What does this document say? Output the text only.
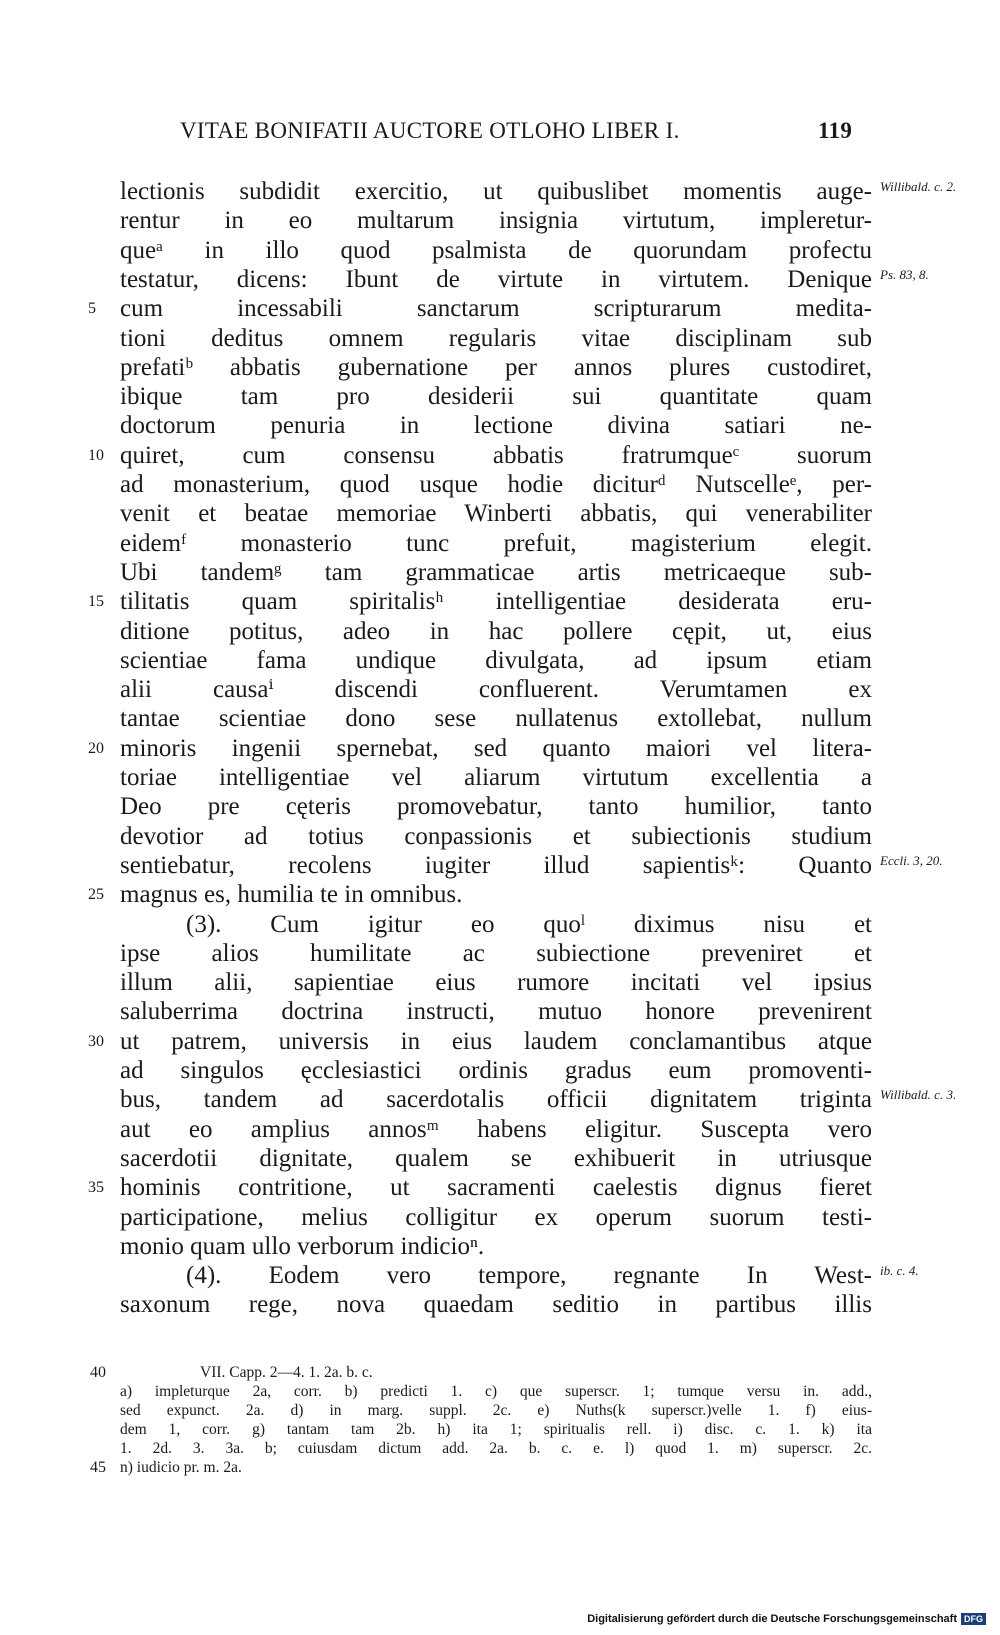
VITAE BONIFATII AUCTORE OTLOHO LIBER I.	119
lectionis subdidit exercitio, ut quibuslibet momentis auge-
rentur in eo multarum insignia virtutum, impleretur-
queᵃ in illo quod psalmista de quorundam profectu
testatur, dicens: Ibunt de virtute in virtutem. Denique
cum incessabili sanctarum scripturarum medita-
5
tioni deditus omnem regularis vitae disciplinam sub
prefatiᵇ abbatis gubernatione per annos plures custodiret,
ibique tam pro desiderii sui quantitate quam
doctorum penuria in lectione divina satiari ne-
quiret, cum consensu abbatis fratrumqueᶜ suorum
10
ad monasterium, quod usque hodie diciturᵈ Nutscelleᵉ, per-
venit et beatae memoriae Winberti abbatis, qui venerabiliter
eidemᶠ monasterio tunc prefuit, magisterium elegit.
Ubi tandemᵍ tam grammaticae artis metricaeque sub-
tilitatis quam spiritalisʰ intelligentiae desiderata eru-
15
ditione potitus, adeo in hac pollere cępit, ut, eius
scientiae fama undique divulgata, ad ipsum etiam
alii causaⁱ discendi confluerent. Verumtamen ex
tantae scientiae dono sese nullatenus extollebat, nullum
minoris ingenii spernebat, sed quanto maiori vel litera-
20
toriae intelligentiae vel aliarum virtutum excellentia a
Deo pre cęteris promovebatur, tanto humilior, tanto
devotior ad totius conpassionis et subiectionis studium
sentiebatur, recolens iugiter illud sapientisᵏ: Quanto
magnus es, humilia te in omnibus.
25
(3). Cum igitur eo quoˡ diximus nisu et
ipse alios humilitate ac subiectione preveniret et
illum alii, sapientiae eius rumore incitati vel ipsius
saluberrima doctrina instructi, mutuo honore prevenirent
ut patrem, universis in eius laudem conclamantibus atque
30
ad singulos ęcclesiastici ordinis gradus eum promoventi-
bus, tandem ad sacerdotalis officii dignitatem triginta
aut eo amplius annosᵐ habens eligitur. Suscepta vero
sacerdotii dignitate, qualem se exhibuerit in utriusque
hominis contritione, ut sacramenti caelestis dignus fieret
35
participatione, melius colligitur ex operum suorum testi-
monio quam ullo verborum indicioⁿ.
(4). Eodem vero tempore, regnante In West-
saxonum rege, nova quaedam seditio in partibus illis
Willibald. c. 2.
Ps. 83, 8.
Eccli. 3, 20.
Willibald. c. 3.
ib. c. 4.
VII. Capp. 2—4. 1. 2a. b. c.
40
a) impleturque 2a, corr. b) predicti 1. c) que superscr. 1; tumque versu in. add.,
sed expunct. 2a. d) in marg. suppl. 2c. e) Nuths(k superscr.)velle 1. f) eius-
dem 1, corr. g) tantam tam 2b. h) ita 1; spiritualis rell. i) disc. c. 1. k) ita
1. 2d. 3. 3a. b; cuiusdam dictum add. 2a. b. c. e. l) quod 1. m) superscr. 2c.
n) iudicio pr. m. 2a.
45
Digitalisierung gefördert durch die Deutsche Forschungsgemeinschaft DFG
